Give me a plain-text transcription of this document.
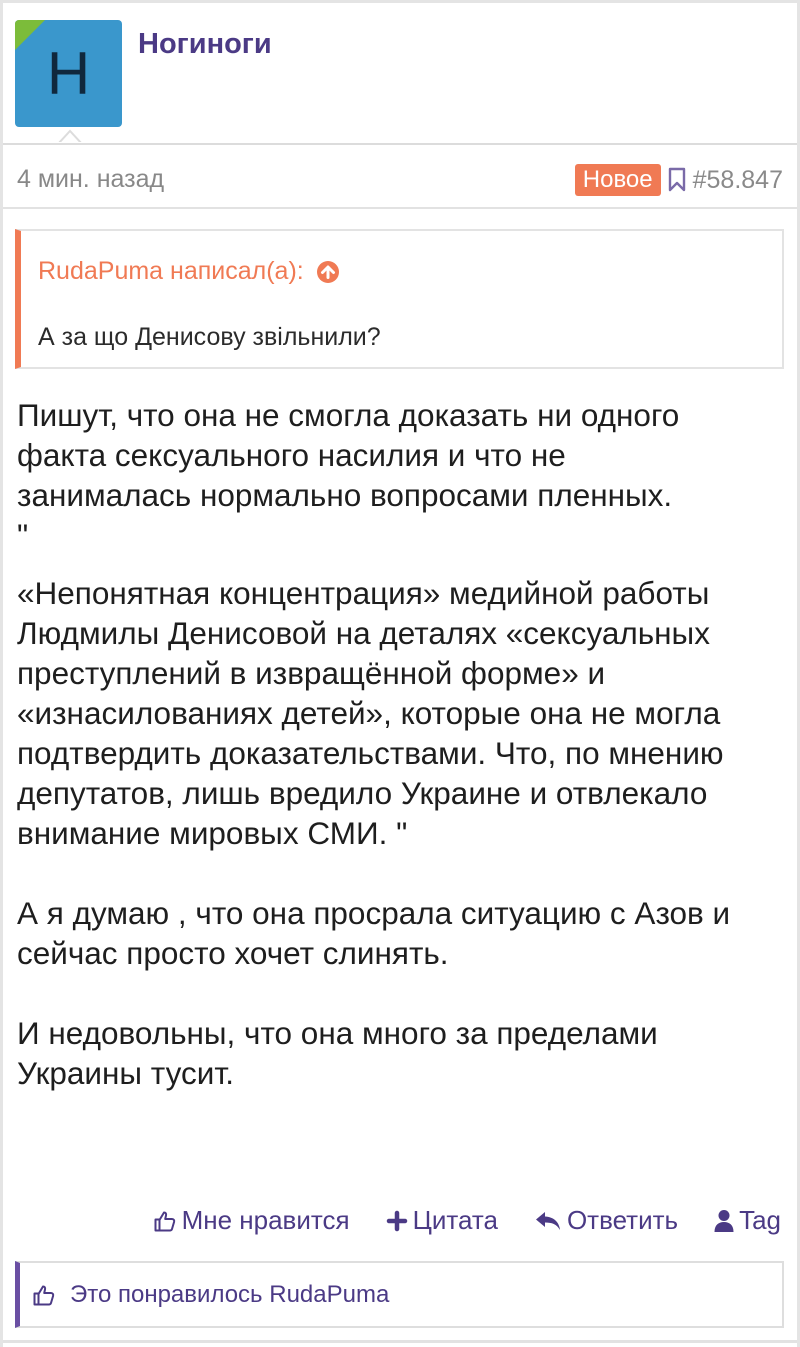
Н Ногиноги
4 мин. назад	Новое	#58.847
RudaPuma написал(а):
А за що Денисову звільнили?

Пишут, что она не смогла доказать ни одного
факта сексуального насилия и что не
занималась нормально вопросами пленных.
"

«Непонятная концентрация» медийной работы
Людмилы Денисовой на деталях «сексуальных
преступлений в извращённой форме» и
«изнасилованиях детей», которые она не могла
подтвердить доказательствами. Что, по мнению
депутатов, лишь вредило Украине и отвлекало
внимание мировых СМИ. "

А я думаю , что она просрала ситуацию с Азов и
сейчас просто хочет слинять.

И недовольны, что она много за пределами
Украины тусит.

Мне нравится Цитата	Ответить Tag
Это понравилось RudaPuma
